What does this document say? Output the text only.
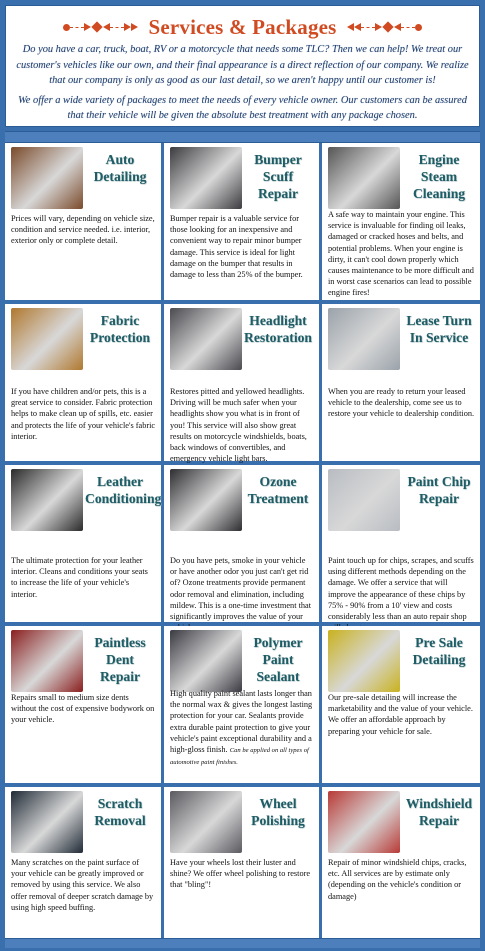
Services & Packages

Do you have a car, truck, boat, RV or a motorcycle that needs some TLC? Then we can help! We treat our customer's vehicles like our own, and their final appearance is a direct reflection of our company. We realize that our company is only as good as our last detail, so we aren't happy until our customer is!

We offer a wide variety of packages to meet the needs of every vehicle owner. Our customers can be assured that their vehicle will be given the absolute best treatment with any package chosen.

Auto Detailing
Prices will vary, depending on vehicle size, condition and service needed. i.e. interior, exterior only or complete detail.
Bumper Scuff Repair
Bumper repair is a valuable service for those looking for an inexpensive and convenient way to repair minor bumper damage. This service is ideal for light damage on the bumper that results in damage to less than 25% of the bumper.
Engine Steam Cleaning
A safe way to maintain your engine. This service is invaluable for finding oil leaks, damaged or cracked hoses and belts, and potential problems. When your engine is dirty, it can't cool down properly which causes maintenance to be more difficult and in worst case scenarios can lead to possible engine fires!
Fabric Protection
If you have children and/or pets, this is a great service to consider. Fabric protection helps to make clean up of spills, etc. easier and protects the life of your vehicle's fabric interior.
Headlight Restoration
Restores pitted and yellowed headlights. Driving will be much safer when your headlights show you what is in front of you! This service will also show great results on motorcycle windshields, boats, back windows of convertibles, and emergency vehicle light bars.
Lease Turn In Service
When you are ready to return your leased vehicle to the dealership, come see us to restore your vehicle to dealership condition.
Leather Conditioning
The ultimate protection for your leather interior. Cleans and conditions your seats to increase the life of your vehicle's interior.
Ozone Treatment
Do you have pets, smoke in your vehicle or have another odor you just can't get rid of? Ozone treatments provide permanent odor removal and elimination, including mildew. This is a one-time investment that significantly improves the value of your
Paint Chip Repair
Paint touch up for chips, scrapes, and scuffs using different methods depending on the damage. We offer a service that will improve the appearance of these chips by 75% - 90% from a 10' view and costs considerably less than an auto repair shop
Paintless Dent Repair
Repairs small to medium size dents without the cost of expensive bodywork on your vehicle.
Polymer Paint Sealant
High quality paint sealant lasts longer than the normal wax & gives the longest lasting protection for your car. Sealants provide extra durable paint protection to give your vehicle's paint exceptional durability and a high-gloss finish. Can be applied on all types of automotive paint finishes.
Pre Sale Detailing
Our pre-sale detailing will increase the marketability and the value of your vehicle. We offer an affordable approach by preparing your vehicle for sale.
Scratch Removal
Many scratches on the paint surface of your vehicle can be greatly improved or removed by using this service. We also offer removal of deeper scratch damage by using high speed buffing.
Wheel Polishing
Have your wheels lost their luster and shine? We offer wheel polishing to restore that "bling"!
Windshield Repair
Repair of minor windshield chips, cracks, etc. All services are by estimate only (depending on the vehicle's condition or damage)
